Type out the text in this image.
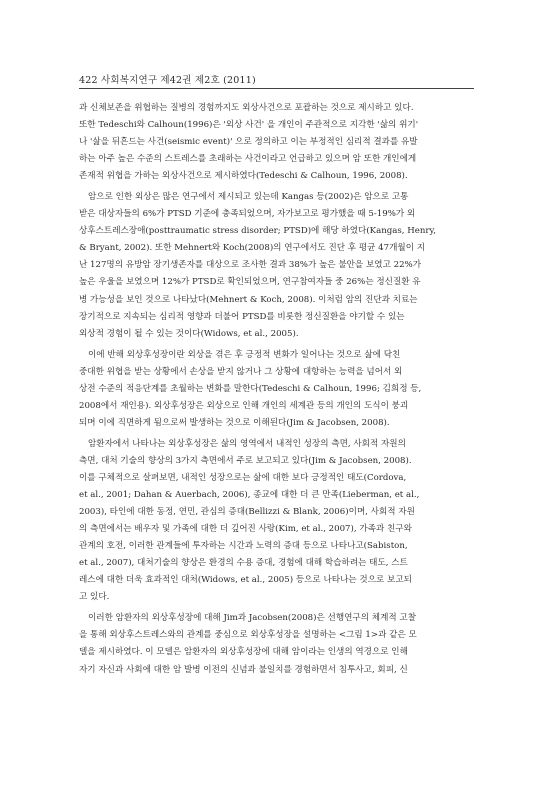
422 사회복지연구 제42권 제2호 (2011)
과 신체보존을 위협하는 질병의 경험까지도 외상사건으로 포괄하는 것으로 제시하고 있다.
또한 Tedeschi와 Calhoun(1996)은 '외상 사건' 을 개인이 주관적으로 지각한 '삶의 위기'
나 '삶을 뒤흔드는 사건(seismic event)' 으로 정의하고 이는 부정적인 심리적 결과를 유발
하는 아주 높은 수준의 스트레스를 초래하는 사건이라고 언급하고 있으며 암 또한 개인에게
존재적 위협을 가하는 외상사건으로 제시하였다(Tedeschi & Calhoun, 1996, 2008).
암으로 인한 외상은 많은 연구에서 제시되고 있는데 Kangas 등(2002)은 암으로 고통
받은 대상자들의 6%가 PTSD 기준에 충족되었으며, 자가보고로 평가했을 때 5-19%가 외
상후스트레스장애(posttraumatic stress disorder; PTSD)에 해당 하였다(Kangas, Henry,
& Bryant, 2002). 또한 Mehnert와 Koch(2008)의 연구에서도 진단 후 평균 47개월이 지
난 127명의 유방암 장기생존자를 대상으로 조사한 결과 38%가 높은 불안을 보였고 22%가
높은 우울을 보였으며 12%가 PTSD로 확인되었으며, 연구참여자들 중 26%는 정신질환 유
병 가능성을 보인 것으로 나타났다(Mehnert & Koch, 2008). 이처럼 암의 진단과 치료는
장기적으로 지속되는 심리적 영향과 더불어 PTSD를 비롯한 정신질환을 야기할 수 있는
외상적 경험이 될 수 있는 것이다(Widows, et al., 2005).
이에 반해 외상후성장이란 외상을 겪은 후 긍정적 변화가 일어나는 것으로 삶에 닥친
중대한 위협을 받는 상황에서 손상을 받지 않거나 그 상황에 대항하는 능력을 넘어서 외
상전 수준의 적응단계를 초월하는 변화를 말한다(Tedeschi & Calhoun, 1996; 김희정 등,
2008에서 재인용). 외상후성장은 외상으로 인해 개인의 세계관 등의 개인의 도식이 붕괴
되며 이에 직면하게 됨으로써 발생하는 것으로 이해된다(Jim & Jacobsen, 2008).
암환자에서 나타나는 외상후성장은 삶의 영역에서 내적인 성장의 측면, 사회적 자원의
측면, 대처 기술의 향상의 3가지 측면에서 주로 보고되고 있다(Jim & Jacobsen, 2008).
이를 구체적으로 살펴보면, 내적인 성장으로는 삶에 대한 보다 긍정적인 태도(Cordova,
et al., 2001; Dahan & Auerbach, 2006), 종교에 대한 더 큰 만족(Lieberman, et al.,
2003), 타인에 대한 동정, 연민, 관심의 증대(Bellizzi & Blank, 2006)이며, 사회적 자원
의 측면에서는 배우자 및 가족에 대한 더 깊어진 사랑(Kim, et al., 2007), 가족과 친구와
관계의 호전, 이러한 관계들에 투자하는 시간과 노력의 증대 등으로 나타나고(Sabiston,
et al., 2007), 대처기술의 향상은 환경의 수용 증대, 경험에 대해 학습하려는 태도, 스트
레스에 대한 더욱 효과적인 대처(Widows, et al., 2005) 등으로 나타나는 것으로 보고되
고 있다.
이러한 암환자의 외상후성장에 대해 Jim과 Jacobsen(2008)은 선행연구의 체계적 고찰
을 통해 외상후스트레스와의 관계를 중심으로 외상후성장을 설명하는 <그림 1>과 같은 모
델을 제시하였다. 이 모델은 암환자의 외상후성장에 대해 암이라는 인생의 역경으로 인해
자기 자신과 사회에 대한 암 발병 이전의 신념과 불일치를 경험하면서 침투사고, 회피, 신
